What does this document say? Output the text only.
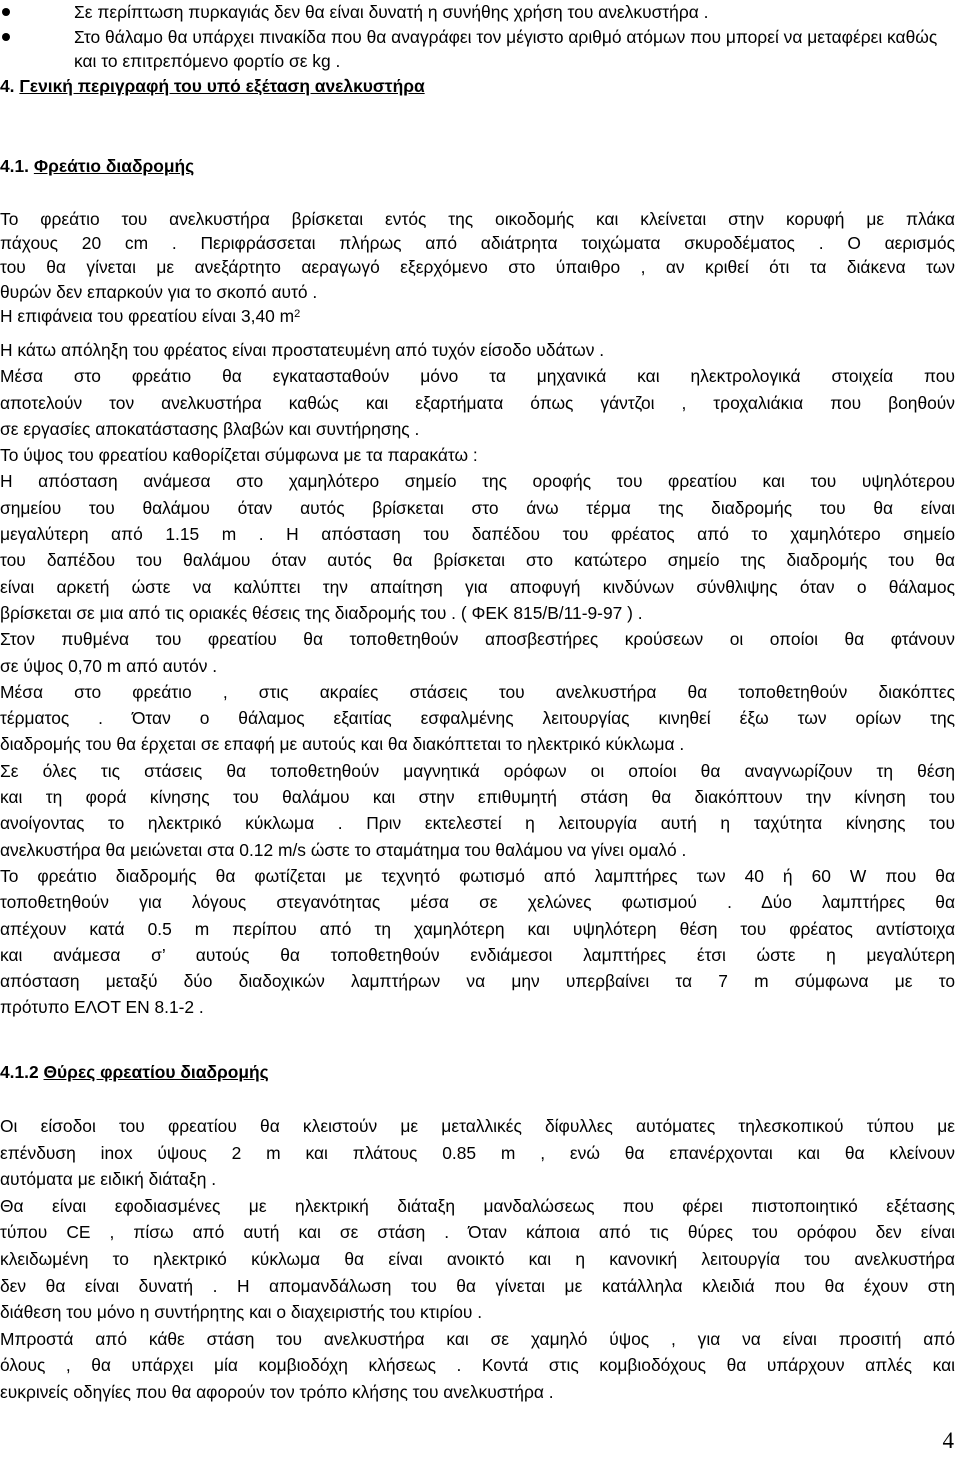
Σε περίπτωση πυρκαγιάς δεν θα είναι δυνατή η συνήθης χρήση του ανελκυστήρα .
Στο θάλαμο θα υπάρχει πινακίδα που θα αναγράφει τον μέγιστο αριθμό ατόμων που μπορεί να μεταφέρει καθώς και το επιτρεπόμενο φορτίο σε kg .
4. Γενική περιγραφή του υπό εξέταση ανελκυστήρα
4.1. Φρεάτιο διαδρομής

Το φρεάτιο του ανελκυστήρα βρίσκεται εντός της οικοδομής και κλείνεται στην κορυφή με πλάκα

πάχους 20 cm . Περιφράσσεται πλήρως από αδιάτρητα τοιχώματα σκυροδέματος . Ο αερισμός

του θα γίνεται με ανεξάρτητο αεραγωγό εξερχόμενο στο ύπαιθρο , αν κριθεί ότι τα διάκενα των

θυρών δεν επαρκούν για το σκοπό αυτό .

Η επιφάνεια του φρεατίου είναι 3,40 $m^2$

Η κάτω απόληξη του φρέατος είναι προστατευμένη από τυχόν είσοδο υδάτων .

Μέσα στο φρεάτιο θα εγκατασταθούν μόνο τα μηχανικά και ηλεκτρολογικά στοιχεία που

αποτελούν τον ανελκυστήρα καθώς και εξαρτήματα όπως γάντζοι , τροχαλιάκια που βοηθούν

σε εργασίες αποκατάστασης βλαβών και συντήρησης .

Το ύψος του φρεατίου καθορίζεται σύμφωνα με τα παρακάτω :

Η απόσταση ανάμεσα στο χαμηλότερο σημείο της οροφής του φρεατίου και του υψηλότερου

σημείου του θαλάμου όταν αυτός βρίσκεται στο άνω τέρμα της διαδρομής του θα είναι

μεγαλύτερη από 1.15 m . Η απόσταση του δαπέδου του φρέατος από το χαμηλότερο σημείο

του δαπέδου του θαλάμου όταν αυτός θα βρίσκεται στο κατώτερο σημείο της διαδρομής του θα

είναι αρκετή ώστε να καλύπτει την απαίτηση για αποφυγή κινδύνων σύνθλιψης όταν ο θάλαμος

βρίσκεται σε μια από τις οριακές θέσεις της διαδρομής του . ( ΦΕΚ 815/Β/11-9-97 ) .

Στον πυθμένα του φρεατίου θα τοποθετηθούν αποσβεστήρες κρούσεων οι οποίοι θα φτάνουν

σε ύψος 0,70 m από αυτόν .

Μέσα στο φρεάτιο , στις ακραίες στάσεις του ανελκυστήρα θα τοποθετηθούν διακόπτες

τέρματος . Όταν ο θάλαμος εξαιτίας εσφαλμένης λειτουργίας κινηθεί έξω των ορίων της

διαδρομής του θα έρχεται σε επαφή με αυτούς και θα διακόπτεται το ηλεκτρικό κύκλωμα .

Σε όλες τις στάσεις θα τοποθετηθούν μαγνητικά ορόφων οι οποίοι θα αναγνωρίζουν τη θέση

και τη φορά κίνησης του θαλάμου και στην επιθυμητή στάση θα διακόπτουν την κίνηση του

ανοίγοντας το ηλεκτρικό κύκλωμα . Πριν εκτελεστεί η λειτουργία αυτή η ταχύτητα κίνησης του

ανελκυστήρα θα μειώνεται στα 0.12 m/s ώστε το σταμάτημα του θαλάμου να γίνει ομαλό .

Το φρεάτιο διαδρομής θα φωτίζεται με τεχνητό φωτισμό από λαμπτήρες των 40 ή 60 W που θα

τοποθετηθούν για λόγους στεγανότητας μέσα σε χελώνες φωτισμού . Δύο λαμπτήρες θα

απέχουν κατά 0.5 m περίπου από τη χαμηλότερη και υψηλότερη θέση του φρέατος αντίστοιχα

και ανάμεσα σ’ αυτούς θα τοποθετηθούν ενδιάμεσοι λαμπτήρες έτσι ώστε η μεγαλύτερη

απόσταση μεταξύ δύο διαδοχικών λαμπτήρων να μην υπερβαίνει τα 7 m σύμφωνα με το

πρότυπο ΕΛΟΤ ΕΝ 8.1-2 .

4.1.2 Θύρες φρεατίου διαδρομής

Οι είσοδοι του φρεατίου θα κλειστούν με μεταλλικές δίφυλλες αυτόματες τηλεσκοπικού τύπου με

επένδυση inox ύψους 2 m και πλάτους 0.85 m , ενώ θα επανέρχονται και θα κλείνουν

αυτόματα με ειδική διάταξη .

Θα είναι εφοδιασμένες με ηλεκτρική διάταξη μανδαλώσεως που φέρει πιστοποιητικό εξέτασης

τύπου CE , πίσω από αυτή και σε στάση . Όταν κάποια από τις θύρες του ορόφου δεν είναι

κλειδωμένη το ηλεκτρικό κύκλωμα θα είναι ανοικτό και η κανονική λειτουργία του ανελκυστήρα

δεν θα είναι δυνατή . Η απομανδάλωση του θα γίνεται με κατάλληλα κλειδιά που θα έχουν στη

διάθεση του μόνο η συντήρητης και ο διαχειριστής του κτιρίου .

Μπροστά από κάθε στάση του ανελκυστήρα και σε χαμηλό ύψος , για να είναι προσιτή από

όλους , θα υπάρχει μία κομβιοδόχη κλήσεως . Κοντά στις κομβιοδόχους θα υπάρχουν απλές και

ευκρινείς οδηγίες που θα αφορούν τον τρόπο κλήσης του ανελκυστήρα .

4
